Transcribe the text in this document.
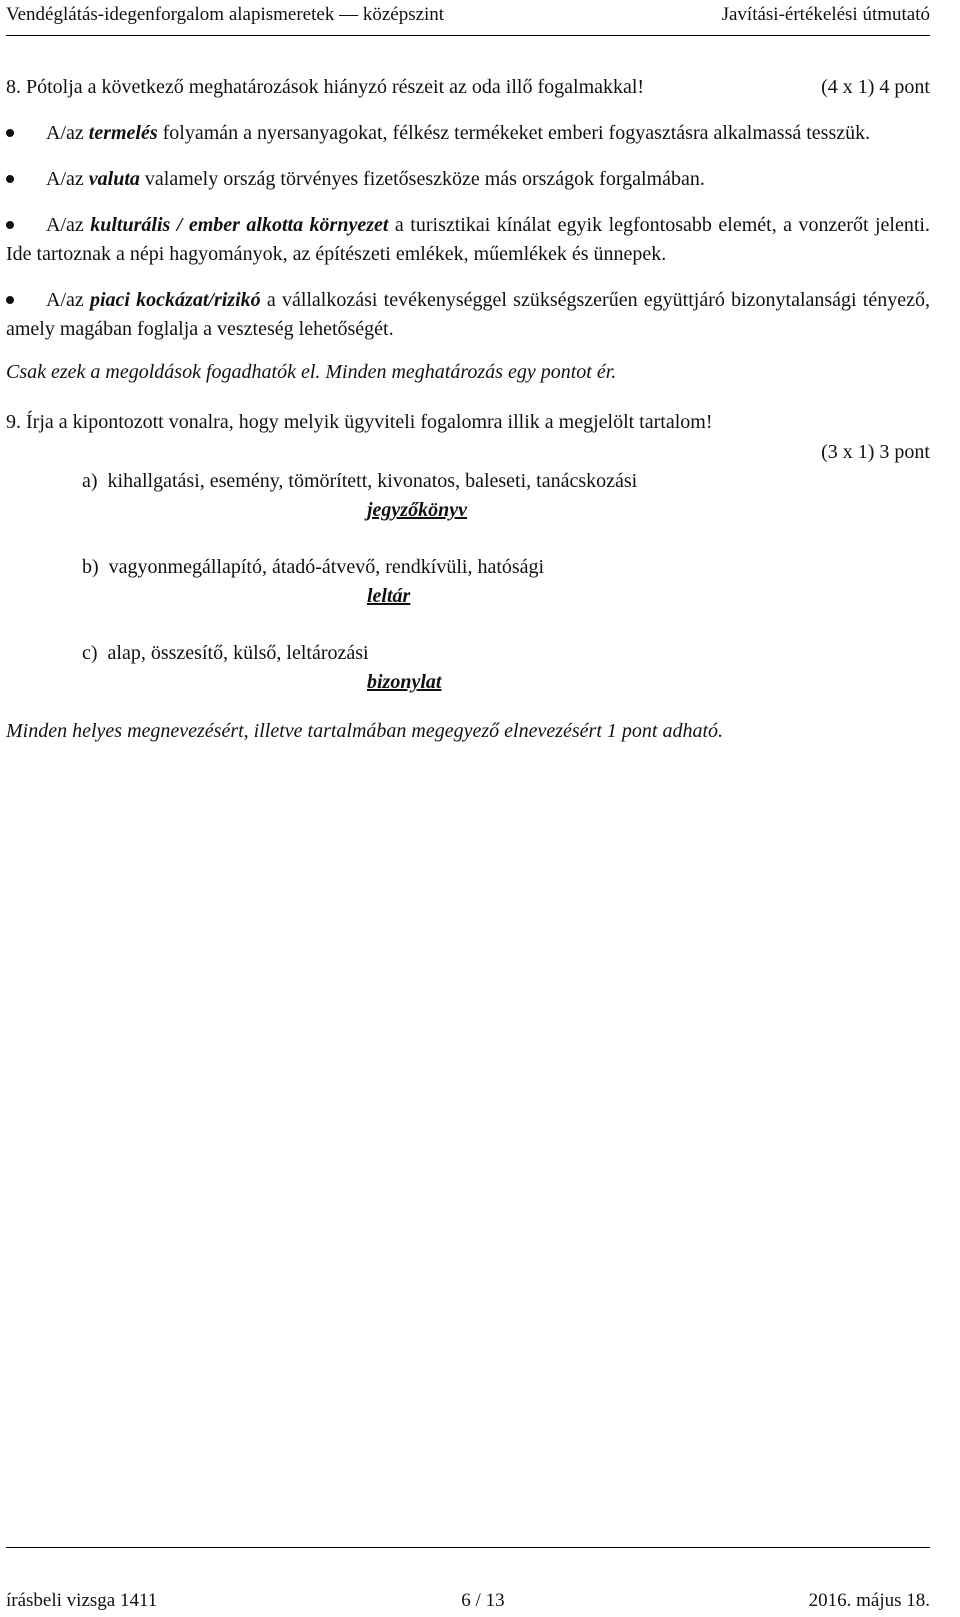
Vendéglátás-idegenforgalom alapismeretek — középszint	Javítási-értékelési útmutató
8. Pótolja a következő meghatározások hiányzó részeit az oda illő fogalmakkal!	(4 x 1) 4 pont
A/az termelés folyamán a nyersanyagokat, félkész termékeket emberi fogyasztásra alkalmassá tesszük.
A/az valuta valamely ország törvényes fizetőseszköze más országok forgalmában.
A/az kulturális / ember alkotta környezet a turisztikai kínálat egyik legfontosabb elemét, a vonzerőt jelenti. Ide tartoznak a népi hagyományok, az építészeti emlékek, műemlékek és ünnepek.
A/az piaci kockázat/rizikó a vállalkozási tevékenységgel szükségszerűen együttjáró bizonytalansági tényező, amely magában foglalja a veszteség lehetőségét.
Csak ezek a megoldások fogadhatók el. Minden meghatározás egy pontot ér.
9. Írja a kipontozott vonalra, hogy melyik ügyviteli fogalomra illik a megjelölt tartalom!
(3 x 1) 3 pont
a) kihallgatási, esemény, tömörített, kivonatos, baleseti, tanácskozási
jegyzőkönyv
b) vagyonmegállapító, átadó-átvevő, rendkívüli, hatósági
leltár
c) alap, összesítő, külső, leltározási
bizonylat
Minden helyes megnevezésért, illetve tartalmában megegyező elnevezésért 1 pont adható.
írásbeli vizsga 1411	6 / 13	2016. május 18.
